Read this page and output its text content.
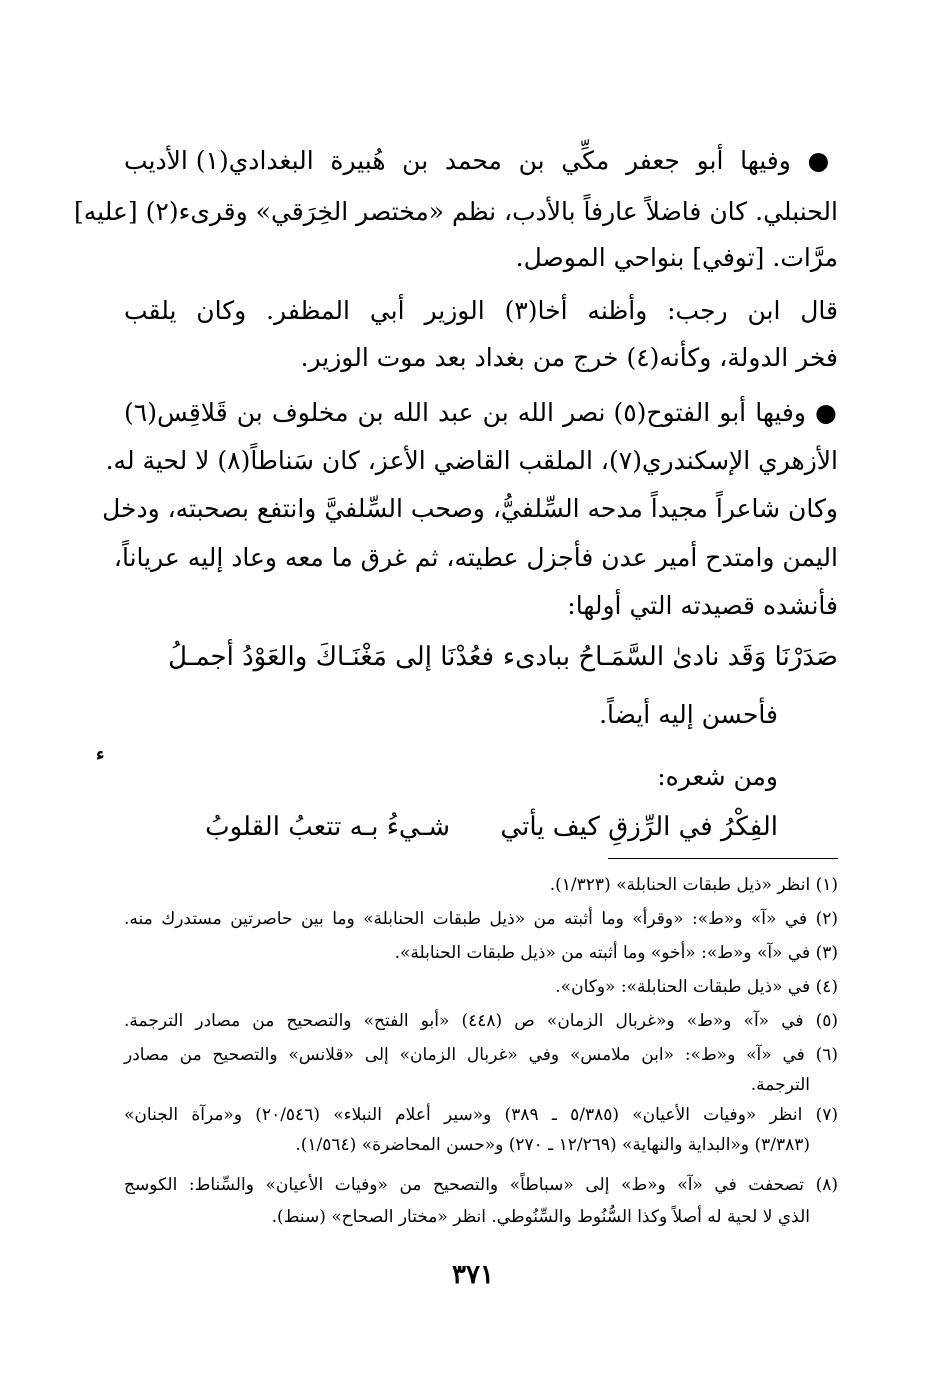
● وفيها أبو جعفر مكِّي بن محمد بن هُبيرة البغدادي(١) الأديب
الحنبلي. كان فاضلاً عارفاً بالأدب، نظم «مختصر الخِرَقي» وقرىء(٢) [عليه]
مرَّات. [توفي] بنواحي الموصل.
قال ابن رجب: وأظنه أخا(٣) الوزير أبي المظفر. وكان يلقب
فخر الدولة، وكأنه(٤) خرج من بغداد بعد موت الوزير.
● وفيها أبو الفتوح(٥) نصر الله بن عبد الله بن مخلوف بن قَلاقِس(٦)
الأزهري الإسكندري(٧)، الملقب القاضي الأعز، كان سَناطاً(٨) لا لحية له.
وكان شاعراً مجيداً مدحه السِّلفيُّ، وصحب السِّلفيَّ وانتفع بصحبته، ودخل
اليمن وامتدح أمير عدن فأجزل عطيته، ثم غرق ما معه وعاد إليه عرياناً،
فأنشده قصيدته التي أولها:
صَدَرْنَا وَقَد نادىٰ السَّمَـاحُ ببادىء
فعُدْنَا إلى مَغْنَـاكَ والعَوْدُ أجمـلُ
فأحسن إليه أيضاً.
ء
ومن شعره:
الفِكْرُ في الرِّزقِ كيف يأتي
شـيءُ بـه تتعبُ القلوبُ
(١) انظر «ذيل طبقات الحنابلة» (١/٣٢٣).
(٢) في «آ» و«ط»: «وقرأ» وما أثبته من «ذيل طبقات الحنابلة» وما بين حاصرتين مستدرك منه.
(٣) في «آ» و«ط»: «أخو» وما أثبته من «ذيل طبقات الحنابلة».
(٤) في «ذيل طبقات الحنابلة»: «وكان».
(٥) في «آ» و«ط» و«غربال الزمان» ص (٤٤٨) «أبو الفتح» والتصحيح من مصادر الترجمة.
(٦) في «آ» و«ط»: «ابن ملامس» وفي «غربال الزمان» إلى «قلانس» والتصحيح من مصادر
الترجمة.
(٧) انظر «وفيات الأعيان» (٥/٣٨٥ ـ ٣٨٩) و«سير أعلام النبلاء» (٢٠/٥٤٦) و«مرآة الجنان»
(٣/٣٨٣) و«البداية والنهاية» (١٢/٢٦٩ ـ ٢٧٠) و«حسن المحاضرة» (١/٥٦٤).
(٨) تصحفت في «آ» و«ط» إلى «سباطاً» والتصحيح من «وفيات الأعيان» والسِّناط: الكوسج
الذي لا لحية له أصلاً وكذا السُّنُوط والسِّنُوطي. انظر «مختار الصحاح» (سنط).
٣٧١
